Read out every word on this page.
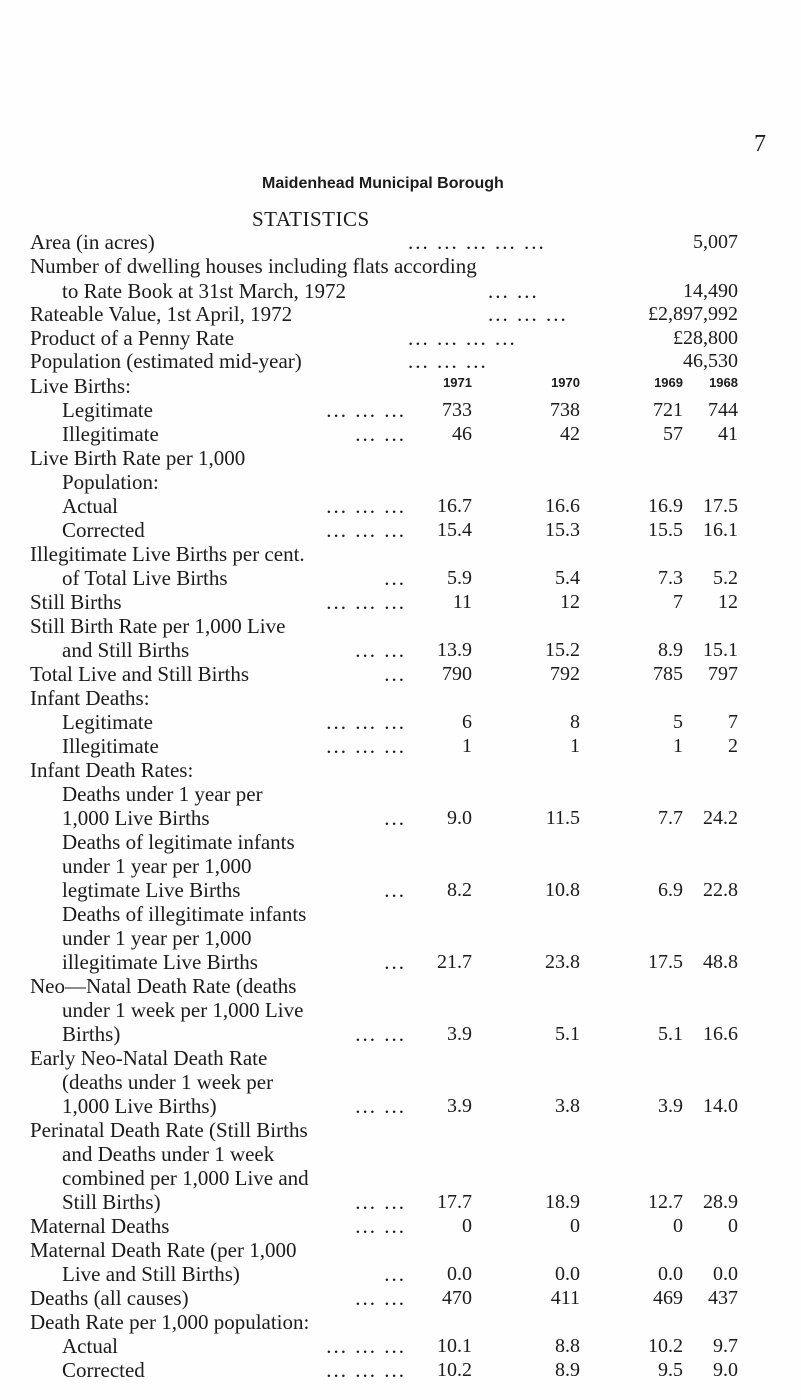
7
Maidenhead Municipal Borough
STATISTICS
Area (in acres)	... ... ... ... ...	5,007
Number of dwelling houses including flats according
to Rate Book at 31st March, 1972	... ...	14,490
Rateable Value, 1st April, 1972	... ... ...	£2,897,992
Product of a Penny Rate	... ... ... ...	£28,800
Population (estimated mid-year)	... ... ...	46,530
1971	1970	1969	1968
Live Births:
Legitimate	... ... ...	733	738	721	744
Illegitimate	... ...	46	42	57	41
Live Birth Rate per 1,000
Population:
Actual	... ... ...	16.7	16.6	16.9	17.5
Corrected	... ... ...	15.4	15.3	15.5	16.1
Illegitimate Live Births per cent.
of Total Live Births	...	5.9	5.4	7.3	5.2
Still Births	... ... ...	11	12	7	12
Still Birth Rate per 1,000 Live
and Still Births	... ...	13.9	15.2	8.9	15.1
Total Live and Still Births	...	790	792	785	797
Infant Deaths:
Legitimate	... ... ...	6	8	5	7
Illegitimate	... ... ...	1	1	1	2
Infant Death Rates:
Deaths under 1 year per
1,000 Live Births	...	9.0	11.5	7.7	24.2
Deaths of legitimate infants
under 1 year per 1,000
legtimate Live Births	...	8.2	10.8	6.9	22.8
Deaths of illegitimate infants
under 1 year per 1,000
illegitimate Live Births	...	21.7	23.8	17.5	48.8
Neo—Natal Death Rate (deaths
under 1 week per 1,000 Live
Births)	... ...	3.9	5.1	5.1	16.6
Early Neo-Natal Death Rate
(deaths under 1 week per
1,000 Live Births)	... ...	3.9	3.8	3.9	14.0
Perinatal Death Rate (Still Births
and Deaths under 1 week
combined per 1,000 Live and
Still Births)	... ...	17.7	18.9	12.7	28.9
Maternal Deaths	... ...	0	0	0	0
Maternal Death Rate (per 1,000
Live and Still Births)	...	0.0	0.0	0.0	0.0
Deaths (all causes)	... ...	470	411	469	437
Death Rate per 1,000 population:
Actual	... ... ...	10.1	8.8	10.2	9.7
Corrected	... ... ...	10.2	8.9	9.5	9.0
